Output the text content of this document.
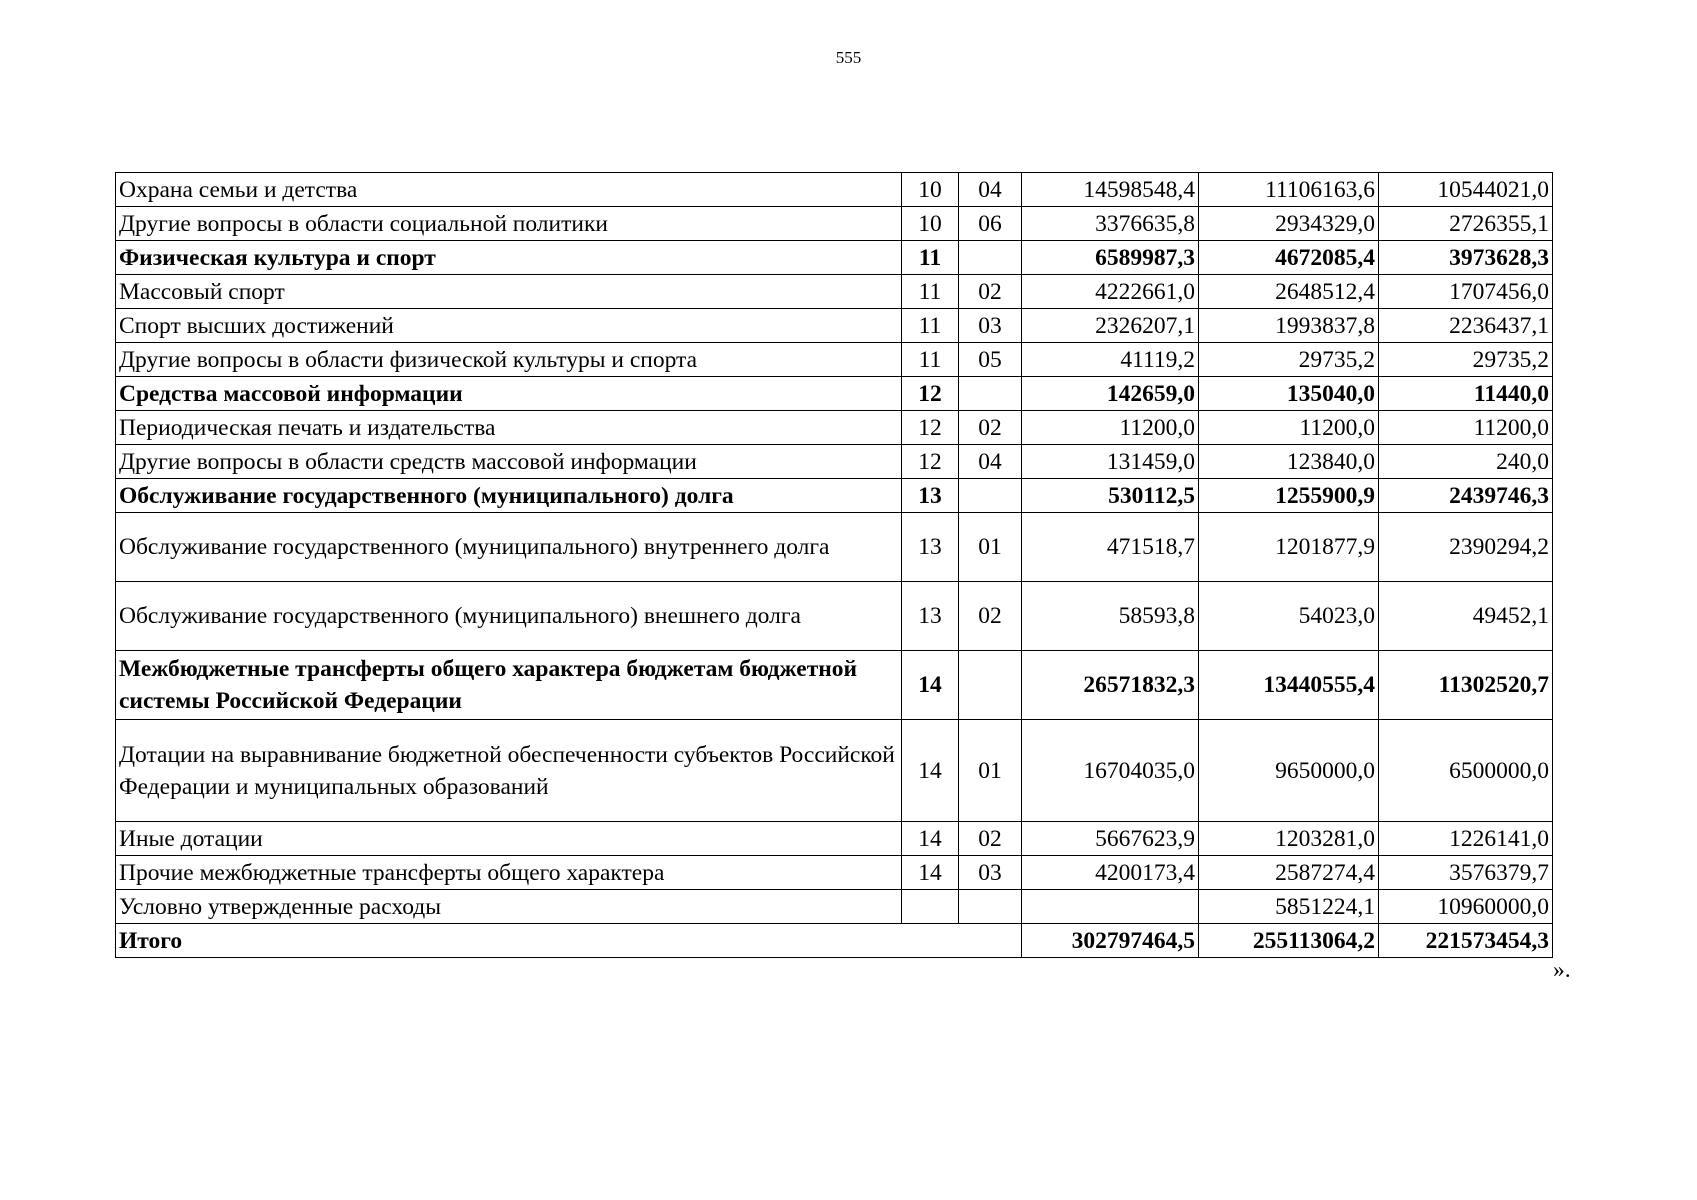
555
Охрана семьи и детства	10	04	14598548,4	11106163,6	10544021,0
Другие вопросы в области социальной политики	10	06	3376635,8	2934329,0	2726355,1
Физическая культура и спорт	11		6589987,3	4672085,4	3973628,3
Массовый спорт	11	02	4222661,0	2648512,4	1707456,0
Спорт высших достижений	11	03	2326207,1	1993837,8	2236437,1
Другие вопросы в области физической культуры и спорта	11	05	41119,2	29735,2	29735,2
Средства массовой информации	12		142659,0	135040,0	11440,0
Периодическая печать и издательства	12	02	11200,0	11200,0	11200,0
Другие вопросы в области средств массовой информации	12	04	131459,0	123840,0	240,0
Обслуживание государственного (муниципального) долга	13		530112,5	1255900,9	2439746,3
Обслуживание государственного (муниципального) внутреннего долга	13	01	471518,7	1201877,9	2390294,2
Обслуживание государственного (муниципального) внешнего долга	13	02	58593,8	54023,0	49452,1
Межбюджетные трансферты общего характера бюджетам бюджетной системы Российской Федерации	14		26571832,3	13440555,4	11302520,7
Дотации на выравнивание бюджетной обеспеченности субъектов Российской Федерации и муниципальных образований	14	01	16704035,0	9650000,0	6500000,0
Иные дотации	14	02	5667623,9	1203281,0	1226141,0
Прочие межбюджетные трансферты общего характера	14	03	4200173,4	2587274,4	3576379,7
Условно утвержденные расходы				5851224,1	10960000,0
Итого			302797464,5	255113064,2	221573454,3
».
